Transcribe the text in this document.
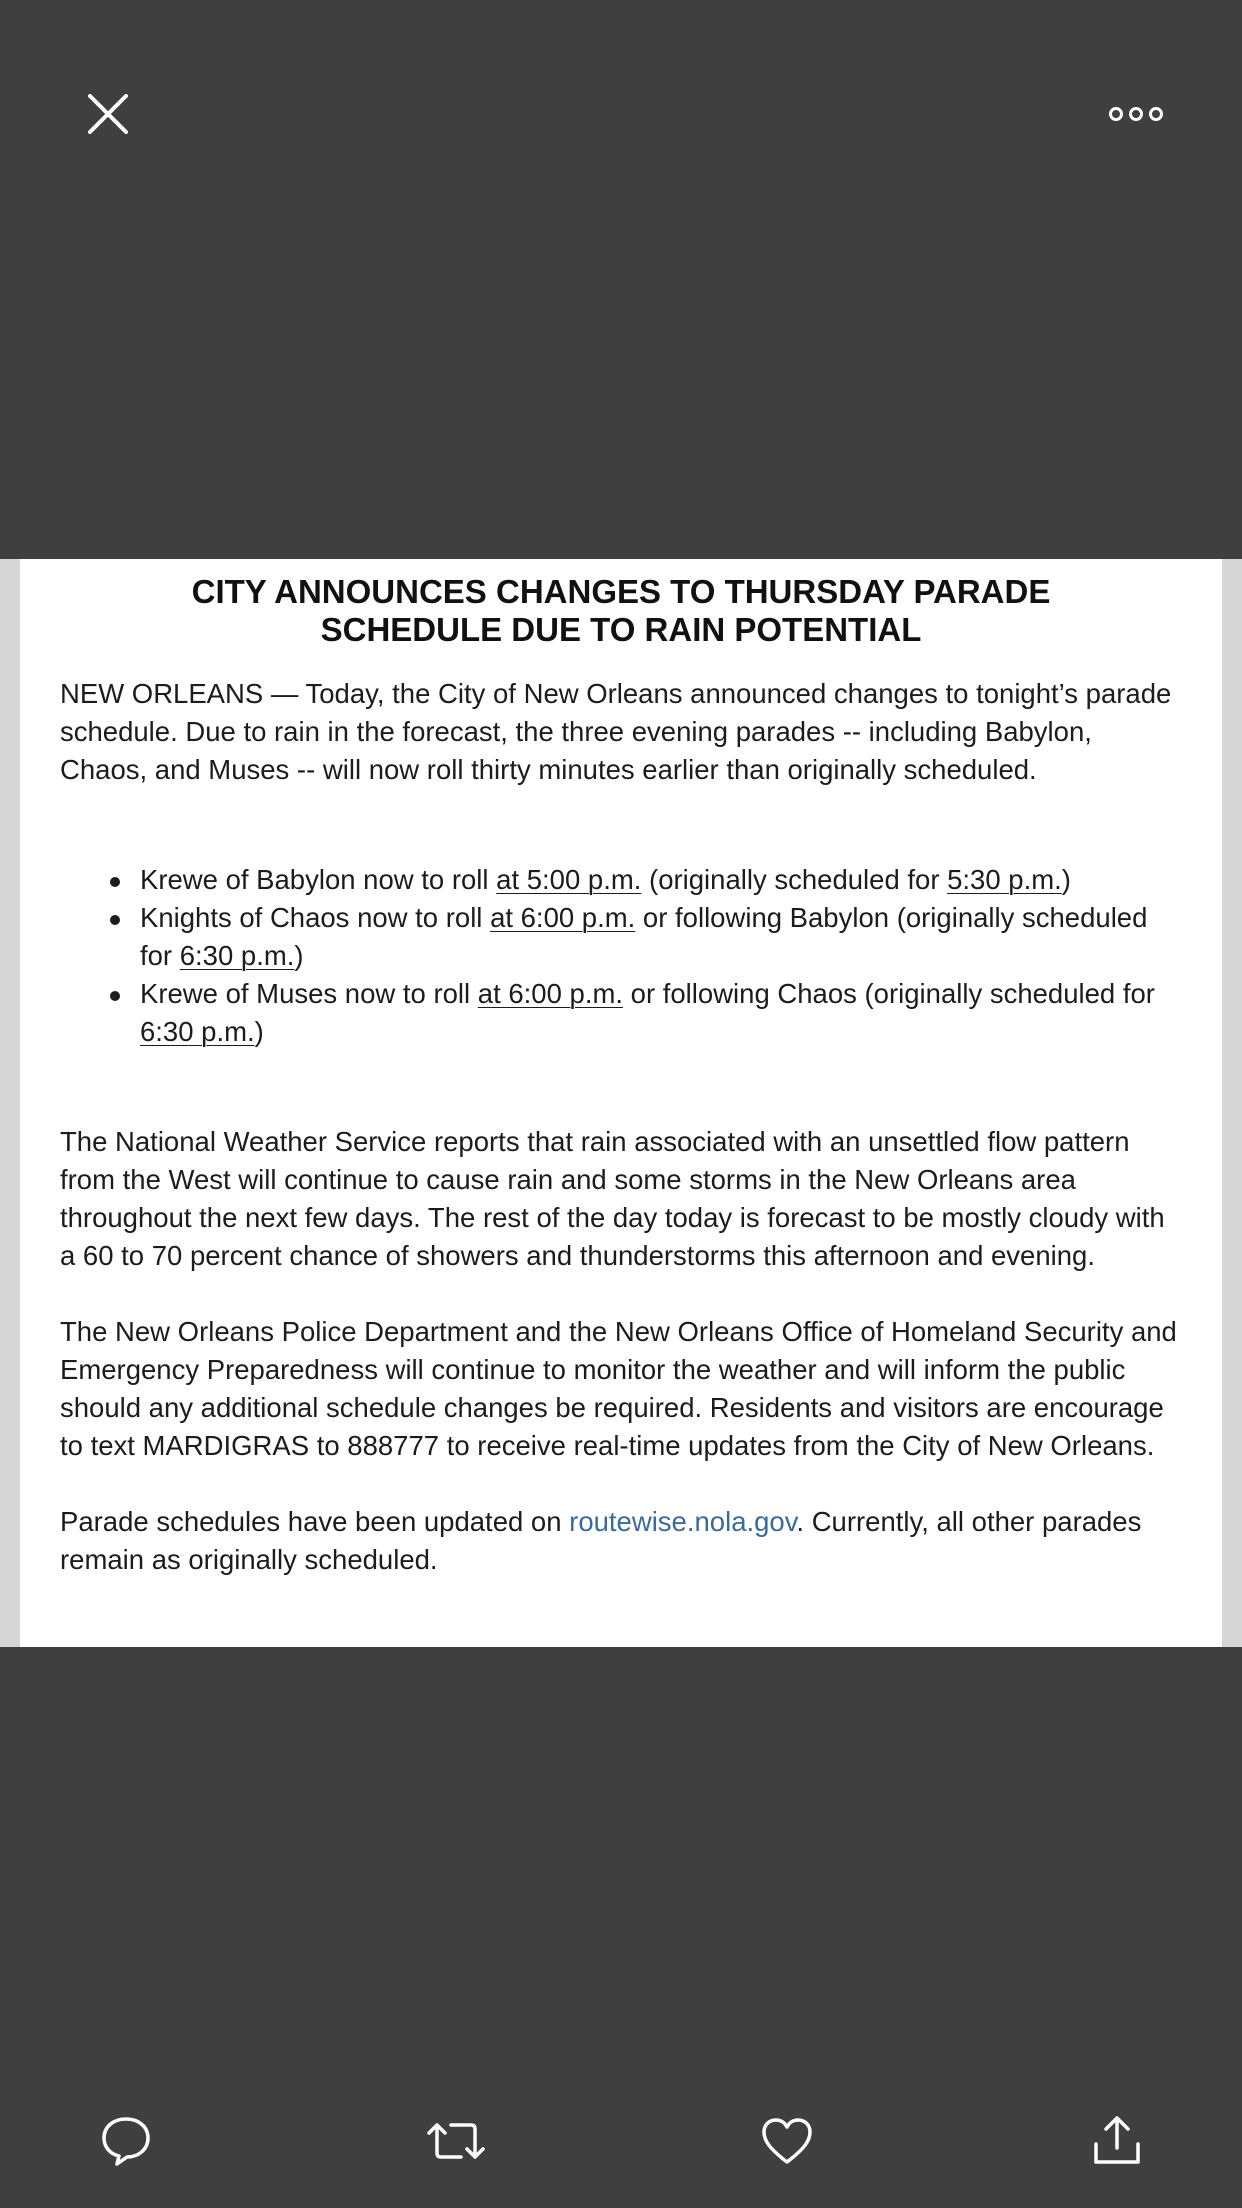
CITY ANNOUNCES CHANGES TO THURSDAY PARADE
SCHEDULE DUE TO RAIN POTENTIAL

NEW ORLEANS — Today, the City of New Orleans announced changes to tonight’s parade schedule. Due to rain in the forecast, the three evening parades -- including Babylon, Chaos, and Muses -- will now roll thirty minutes earlier than originally scheduled.

Krewe of Babylon now to roll at 5:00 p.m. (originally scheduled for 5:30 p.m.)
Knights of Chaos now to roll at 6:00 p.m. or following Babylon (originally scheduled for 6:30 p.m.)
Krewe of Muses now to roll at 6:00 p.m. or following Chaos (originally scheduled for 6:30 p.m.)

The National Weather Service reports that rain associated with an unsettled flow pattern from the West will continue to cause rain and some storms in the New Orleans area throughout the next few days. The rest of the day today is forecast to be mostly cloudy with a 60 to 70 percent chance of showers and thunderstorms this afternoon and evening.

The New Orleans Police Department and the New Orleans Office of Homeland Security and Emergency Preparedness will continue to monitor the weather and will inform the public should any additional schedule changes be required. Residents and visitors are encourage to text MARDIGRAS to 888777 to receive real-time updates from the City of New Orleans.

Parade schedules have been updated on routewise.nola.gov. Currently, all other parades remain as originally scheduled.
